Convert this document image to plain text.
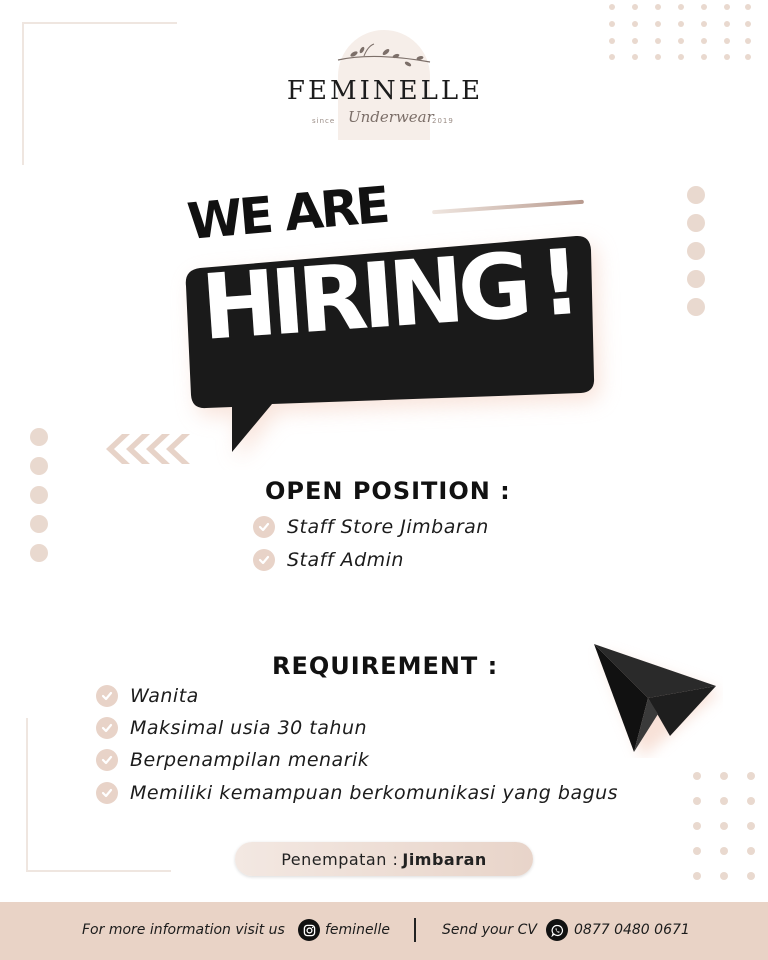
FEMINELLE
since Underwear
2019
WE ARE
HIRING!
OPEN POSITION :
Staff Store Jimbaran
Staff Admin
REQUIREMENT :
Wanita
Maksimal usia 30 tahun
Berpenampilan menarik
Memiliki kemampuan berkomunikasi yang bagus
Penempatan : Jimbaran
For more information visit us	feminelle	Send your CV	0877 0480 0671
